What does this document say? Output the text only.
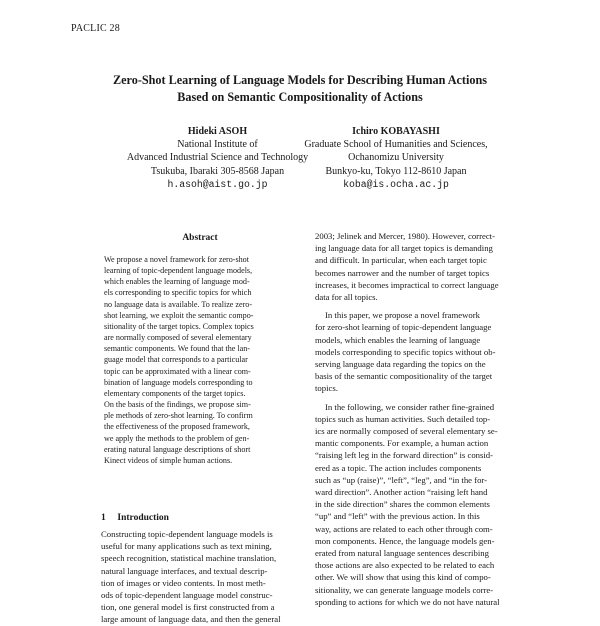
PACLIC 28
Zero-Shot Learning of Language Models for Describing Human Actions
Based on Semantic Compositionality of Actions
Hideki ASOH
National Institute of
Advanced Industrial Science and Technology
Tsukuba, Ibaraki 305-8568 Japan
h.asoh@aist.go.jp
Ichiro KOBAYASHI
Graduate School of Humanities and Sciences,
Ochanomizu University
Bunkyo-ku, Tokyo 112-8610 Japan
koba@is.ocha.ac.jp
Abstract
We propose a novel framework for zero-shot
learning of topic-dependent language models,
which enables the learning of language mod-
els corresponding to specific topics for which
no language data is available. To realize zero-
shot learning, we exploit the semantic compo-
sitionality of the target topics. Complex topics
are normally composed of several elementary
semantic components. We found that the lan-
guage model that corresponds to a particular
topic can be approximated with a linear com-
bination of language models corresponding to
elementary components of the target topics.
On the basis of the findings, we propose sim-
ple methods of zero-shot learning. To confirm
the effectiveness of the proposed framework,
we apply the methods to the problem of gen-
erating natural language descriptions of short
Kinect videos of simple human actions.
1 Introduction
Constructing topic-dependent language models is
useful for many applications such as text mining,
speech recognition, statistical machine translation,
natural language interfaces, and textual descrip-
tion of images or video contents. In most meth-
ods of topic-dependent language model construc-
tion, one general model is first constructed from a
large amount of language data, and then the general
2003; Jelinek and Mercer, 1980). However, correct-
ing language data for all target topics is demanding
and difficult. In particular, when each target topic
becomes narrower and the number of target topics
increases, it becomes impractical to correct language
data for all topics.
In this paper, we propose a novel framework
for zero-shot learning of topic-dependent language
models, which enables the learning of language
models corresponding to specific topics without ob-
serving language data regarding the topics on the
basis of the semantic compositionality of the target
topics.
In the following, we consider rather fine-grained
topics such as human activities. Such detailed top-
ics are normally composed of several elementary se-
mantic components. For example, a human action
“raising left leg in the forward direction” is consid-
ered as a topic. The action includes components
such as “up (raise)”, “left”, “leg”, and “in the for-
ward direction”. Another action “raising left hand
in the side direction” shares the common elements
“up” and “left” with the previous action. In this
way, actions are related to each other through com-
mon components. Hence, the language models gen-
erated from natural language sentences describing
those actions are also expected to be related to each
other. We will show that using this kind of compo-
sitionality, we can generate language models corre-
sponding to actions for which we do not have natural
